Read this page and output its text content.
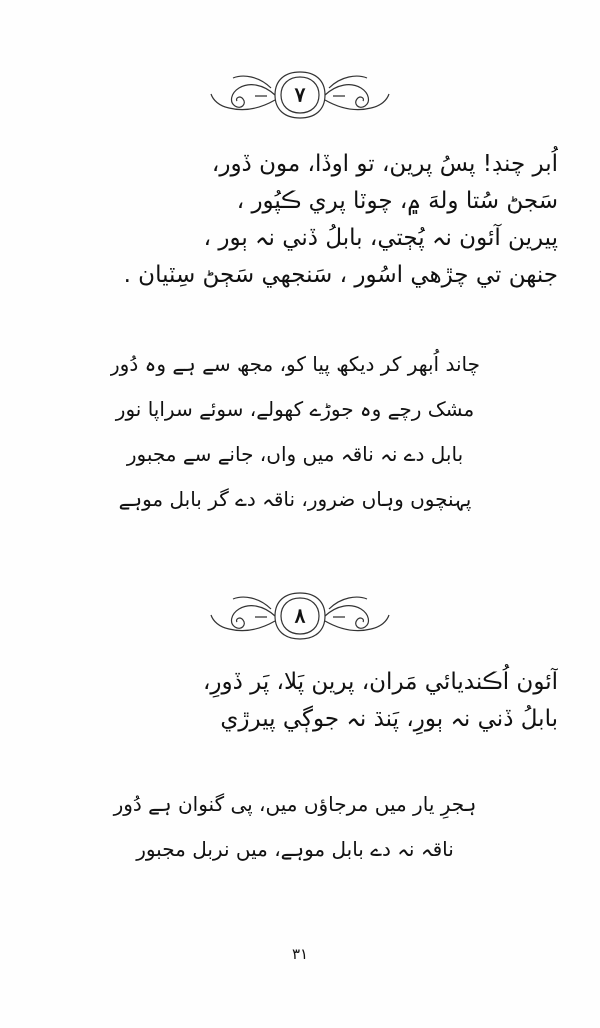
۷
اُبر چنڊ! پسُ پرين، تو اوڏا، مون ڏور،
سَجڻ سُتا ولهَ ۾، چوٽا پري ڪپُور ،
پيرين آئون نہ پُڄتي، بابلُ ڏني نہ ٻور ،
جنهن تي چڙهي اسُور ، سَنجهي سَڄڻ سِٽيان .
چاند اُبھر کر دیکھ پیا کو، مجھ سے ہے وہ دُور
مشک رچے وہ جوڑے کھولے، سوئے سراپا نور
بابل دے نہ ناقہ میں واں، جانے سے مجبور
پہنچوں وہاں ضرور، ناقہ دے گر بابل موہے
۸
آئون اُڪنديائي مَران، پرين پَلا، پَر ڏورِ،
بابلُ ڏني نہ ٻورِ، پَنڌ نہ جوڳي پيرڙي
ہجرِ یار میں مرجاؤں میں، پی گنوان ہے دُور
ناقہ نہ دے بابل موہے، میں نربل مجبور
۳۱
